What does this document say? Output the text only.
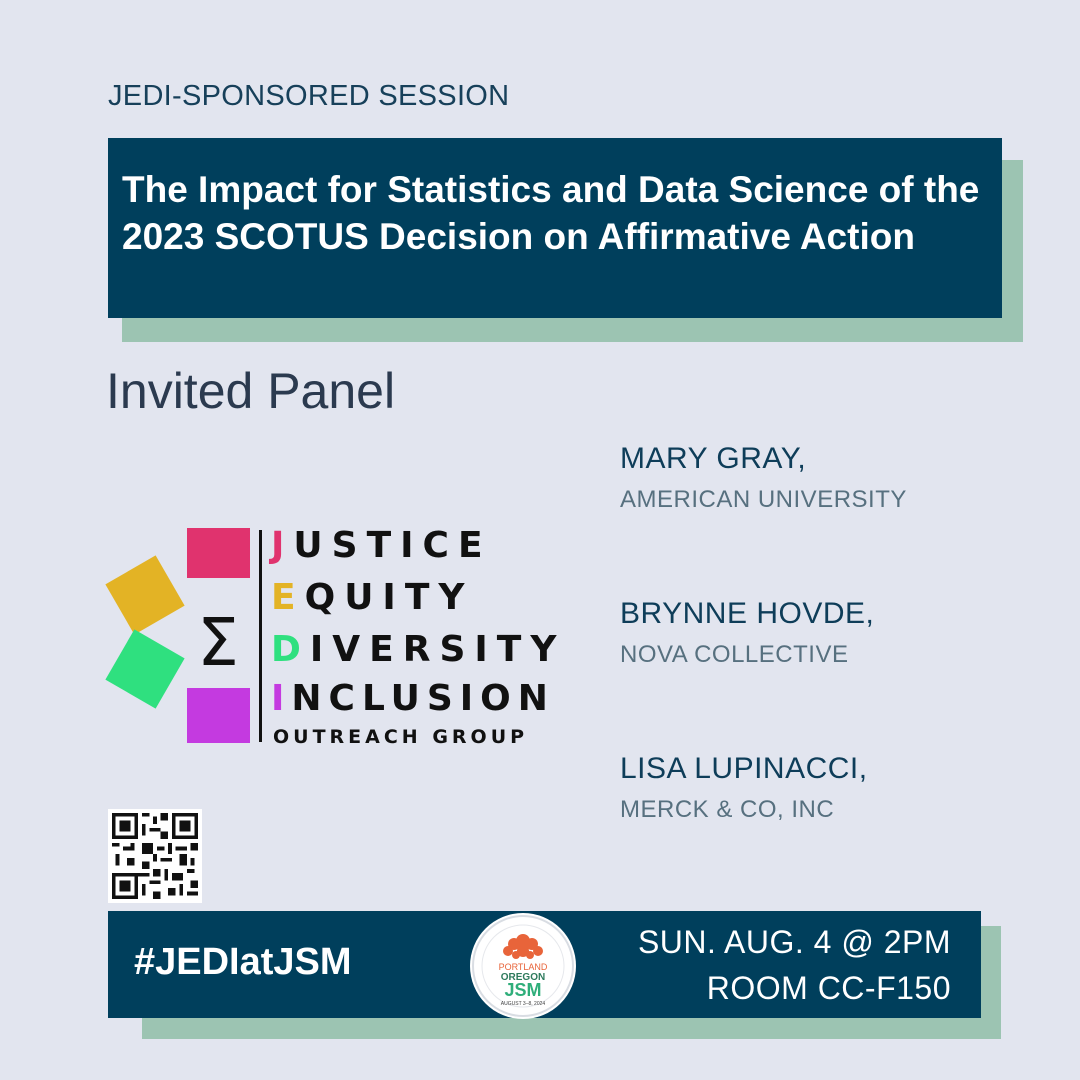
JEDI-SPONSORED SESSION
The Impact for Statistics and Data Science of the 2023 SCOTUS Decision on Affirmative Action
Invited Panel
MARY GRAY,
AMERICAN UNIVERSITY
BRYNNE HOVDE,
NOVA COLLECTIVE
LISA LUPINACCI,
MERCK & CO, INC
Σ
JUSTICE
EQUITY
DIVERSITY
INCLUSION
OUTREACH GROUP
#JEDIatJSM	PORTLAND
OREGON
JSM
AUGUST 3–8, 2024
SUN. AUG. 4 @ 2PM
ROOM CC-F150
